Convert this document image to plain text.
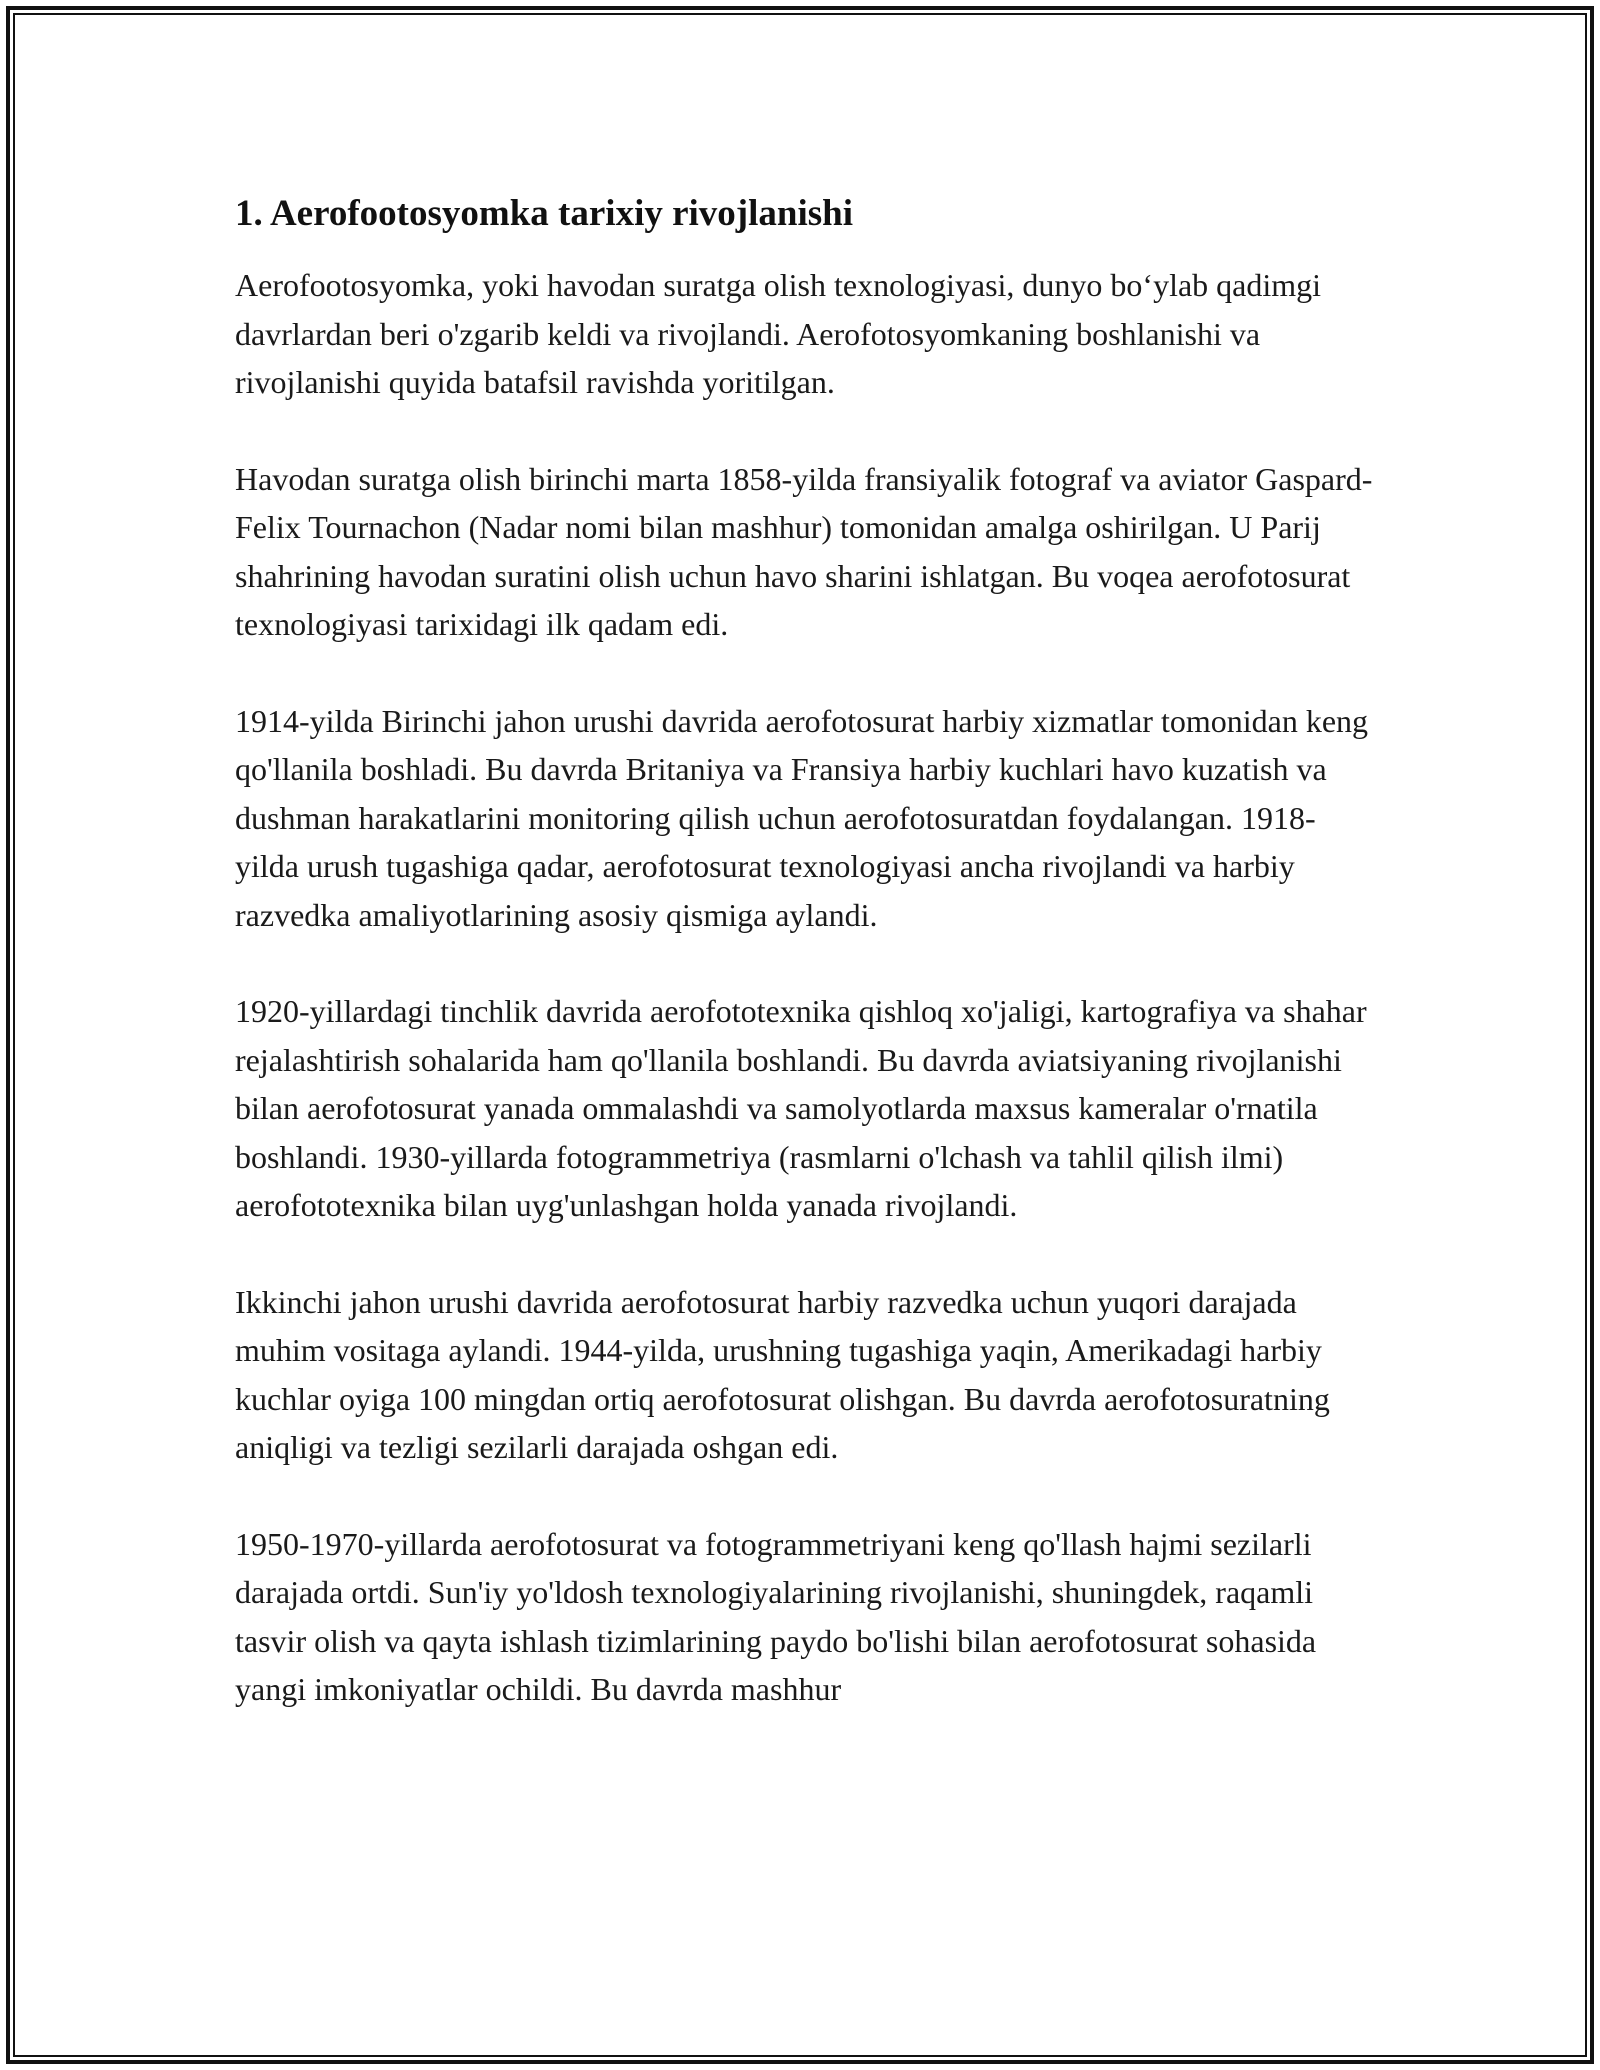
1. Aerofootosyomka tarixiy rivojlanishi

Aerofootosyomka, yoki havodan suratga olish texnologiyasi, dunyo bo‘ylab qadimgi davrlardan beri o'zgarib keldi va rivojlandi. Aerofotosyomkaning boshlanishi va rivojlanishi quyida batafsil ravishda yoritilgan.

Havodan suratga olish birinchi marta 1858-yilda fransiyalik fotograf va aviator Gaspard-Felix Tournachon (Nadar nomi bilan mashhur) tomonidan amalga oshirilgan. U Parij shahrining havodan suratini olish uchun havo sharini ishlatgan. Bu voqea aerofotosurat texnologiyasi tarixidagi ilk qadam edi.

1914-yilda Birinchi jahon urushi davrida aerofotosurat harbiy xizmatlar tomonidan keng qo'llanila boshladi. Bu davrda Britaniya va Fransiya harbiy kuchlari havo kuzatish va dushman harakatlarini monitoring qilish uchun aerofotosuratdan foydalangan. 1918-yilda urush tugashiga qadar, aerofotosurat texnologiyasi ancha rivojlandi va harbiy razvedka amaliyotlarining asosiy qismiga aylandi.

1920-yillardagi tinchlik davrida aerofototexnika qishloq xo'jaligi, kartografiya va shahar rejalashtirish sohalarida ham qo'llanila boshlandi. Bu davrda aviatsiyaning rivojlanishi bilan aerofotosurat yanada ommalashdi va samolyotlarda maxsus kameralar o'rnatila boshlandi. 1930-yillarda fotogrammetriya (rasmlarni o'lchash va tahlil qilish ilmi) aerofototexnika bilan uyg'unlashgan holda yanada rivojlandi.

Ikkinchi jahon urushi davrida aerofotosurat harbiy razvedka uchun yuqori darajada muhim vositaga aylandi. 1944-yilda, urushning tugashiga yaqin, Amerikadagi harbiy kuchlar oyiga 100 mingdan ortiq aerofotosurat olishgan. Bu davrda aerofotosuratning aniqligi va tezligi sezilarli darajada oshgan edi.

1950-1970-yillarda aerofotosurat va fotogrammetriyani keng qo'llash hajmi sezilarli darajada ortdi. Sun'iy yo'ldosh texnologiyalarining rivojlanishi, shuningdek, raqamli tasvir olish va qayta ishlash tizimlarining paydo bo'lishi bilan aerofotosurat sohasida yangi imkoniyatlar ochildi. Bu davrda mashhur
